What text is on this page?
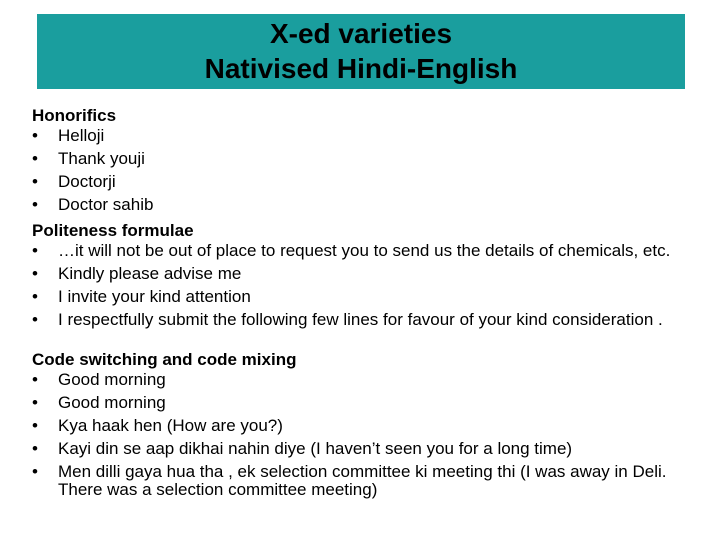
X-ed varieties
Nativised Hindi-English
Honorifics
• Helloji
• Thank youji
• Doctorji
• Doctor sahib
Politeness formulae
• …it will not be out of place to request you to send us the details of chemicals, etc.
• Kindly please advise me
• I invite your kind attention
• I respectfully submit the following few lines for favour of your kind consideration .
Code switching and code mixing
• Good morning
• Good morning
• Kya haak hen (How are you?)
• Kayi din se aap dikhai nahin diye (I haven’t seen you for a long time)
• Men dilli gaya hua tha , ek selection committee ki meeting thi (I was away in Deli. There was a selection committee meeting)
